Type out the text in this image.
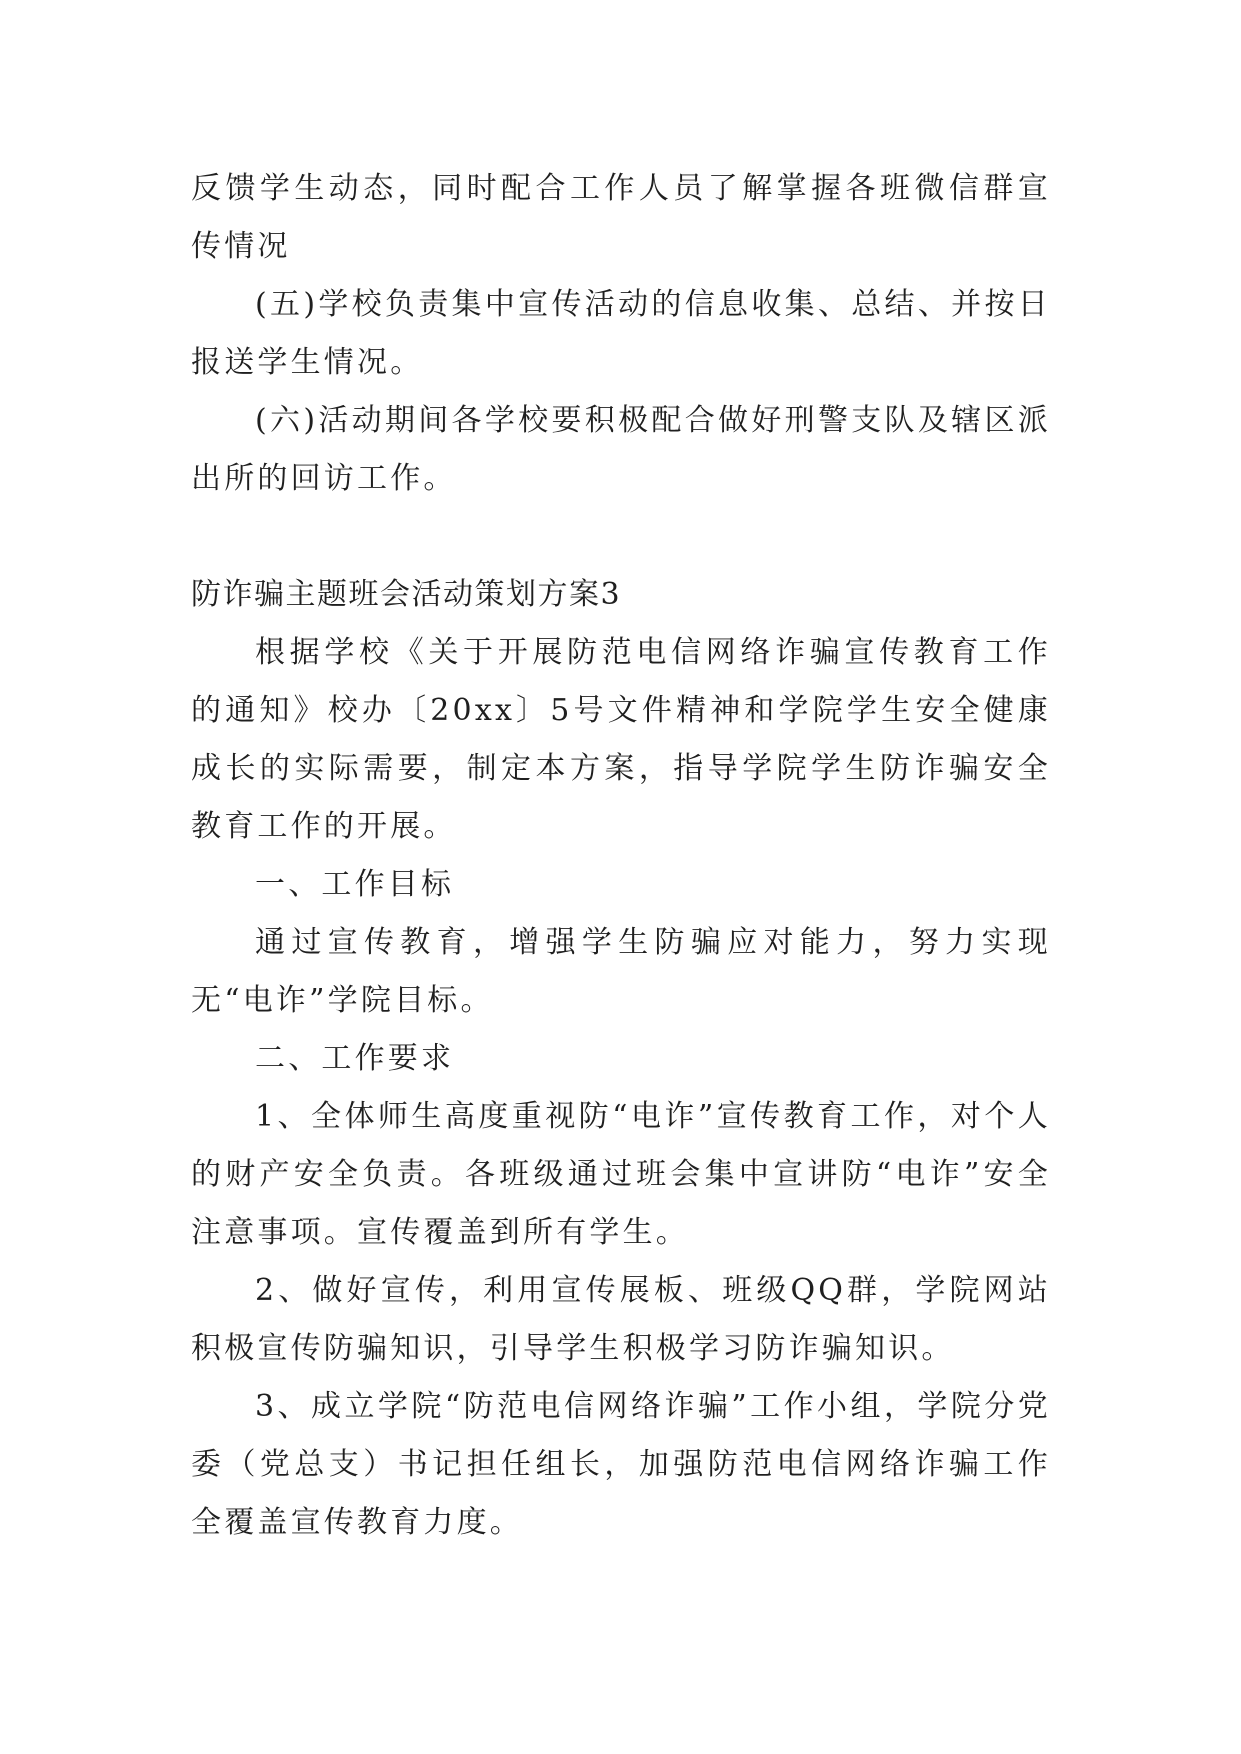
反馈学生动态，同时配合工作人员了解掌握各班微信群宣传情况

(五)学校负责集中宣传活动的信息收集、总结、并按日报送学生情况。

(六)活动期间各学校要积极配合做好刑警支队及辖区派出所的回访工作。

防诈骗主题班会活动策划方案3

根据学校《关于开展防范电信网络诈骗宣传教育工作的通知》校办〔20xx〕5号文件精神和学院学生安全健康成长的实际需要，制定本方案，指导学院学生防诈骗安全教育工作的开展。

一、工作目标

通过宣传教育，增强学生防骗应对能力，努力实现无“电诈”学院目标。

二、工作要求

1、全体师生高度重视防“电诈”宣传教育工作，对个人的财产安全负责。各班级通过班会集中宣讲防“电诈”安全注意事项。宣传覆盖到所有学生。

2、做好宣传，利用宣传展板、班级QQ群，学院网站积极宣传防骗知识，引导学生积极学习防诈骗知识。

3、成立学院“防范电信网络诈骗”工作小组，学院分党委（党总支）书记担任组长，加强防范电信网络诈骗工作全覆盖宣传教育力度。
